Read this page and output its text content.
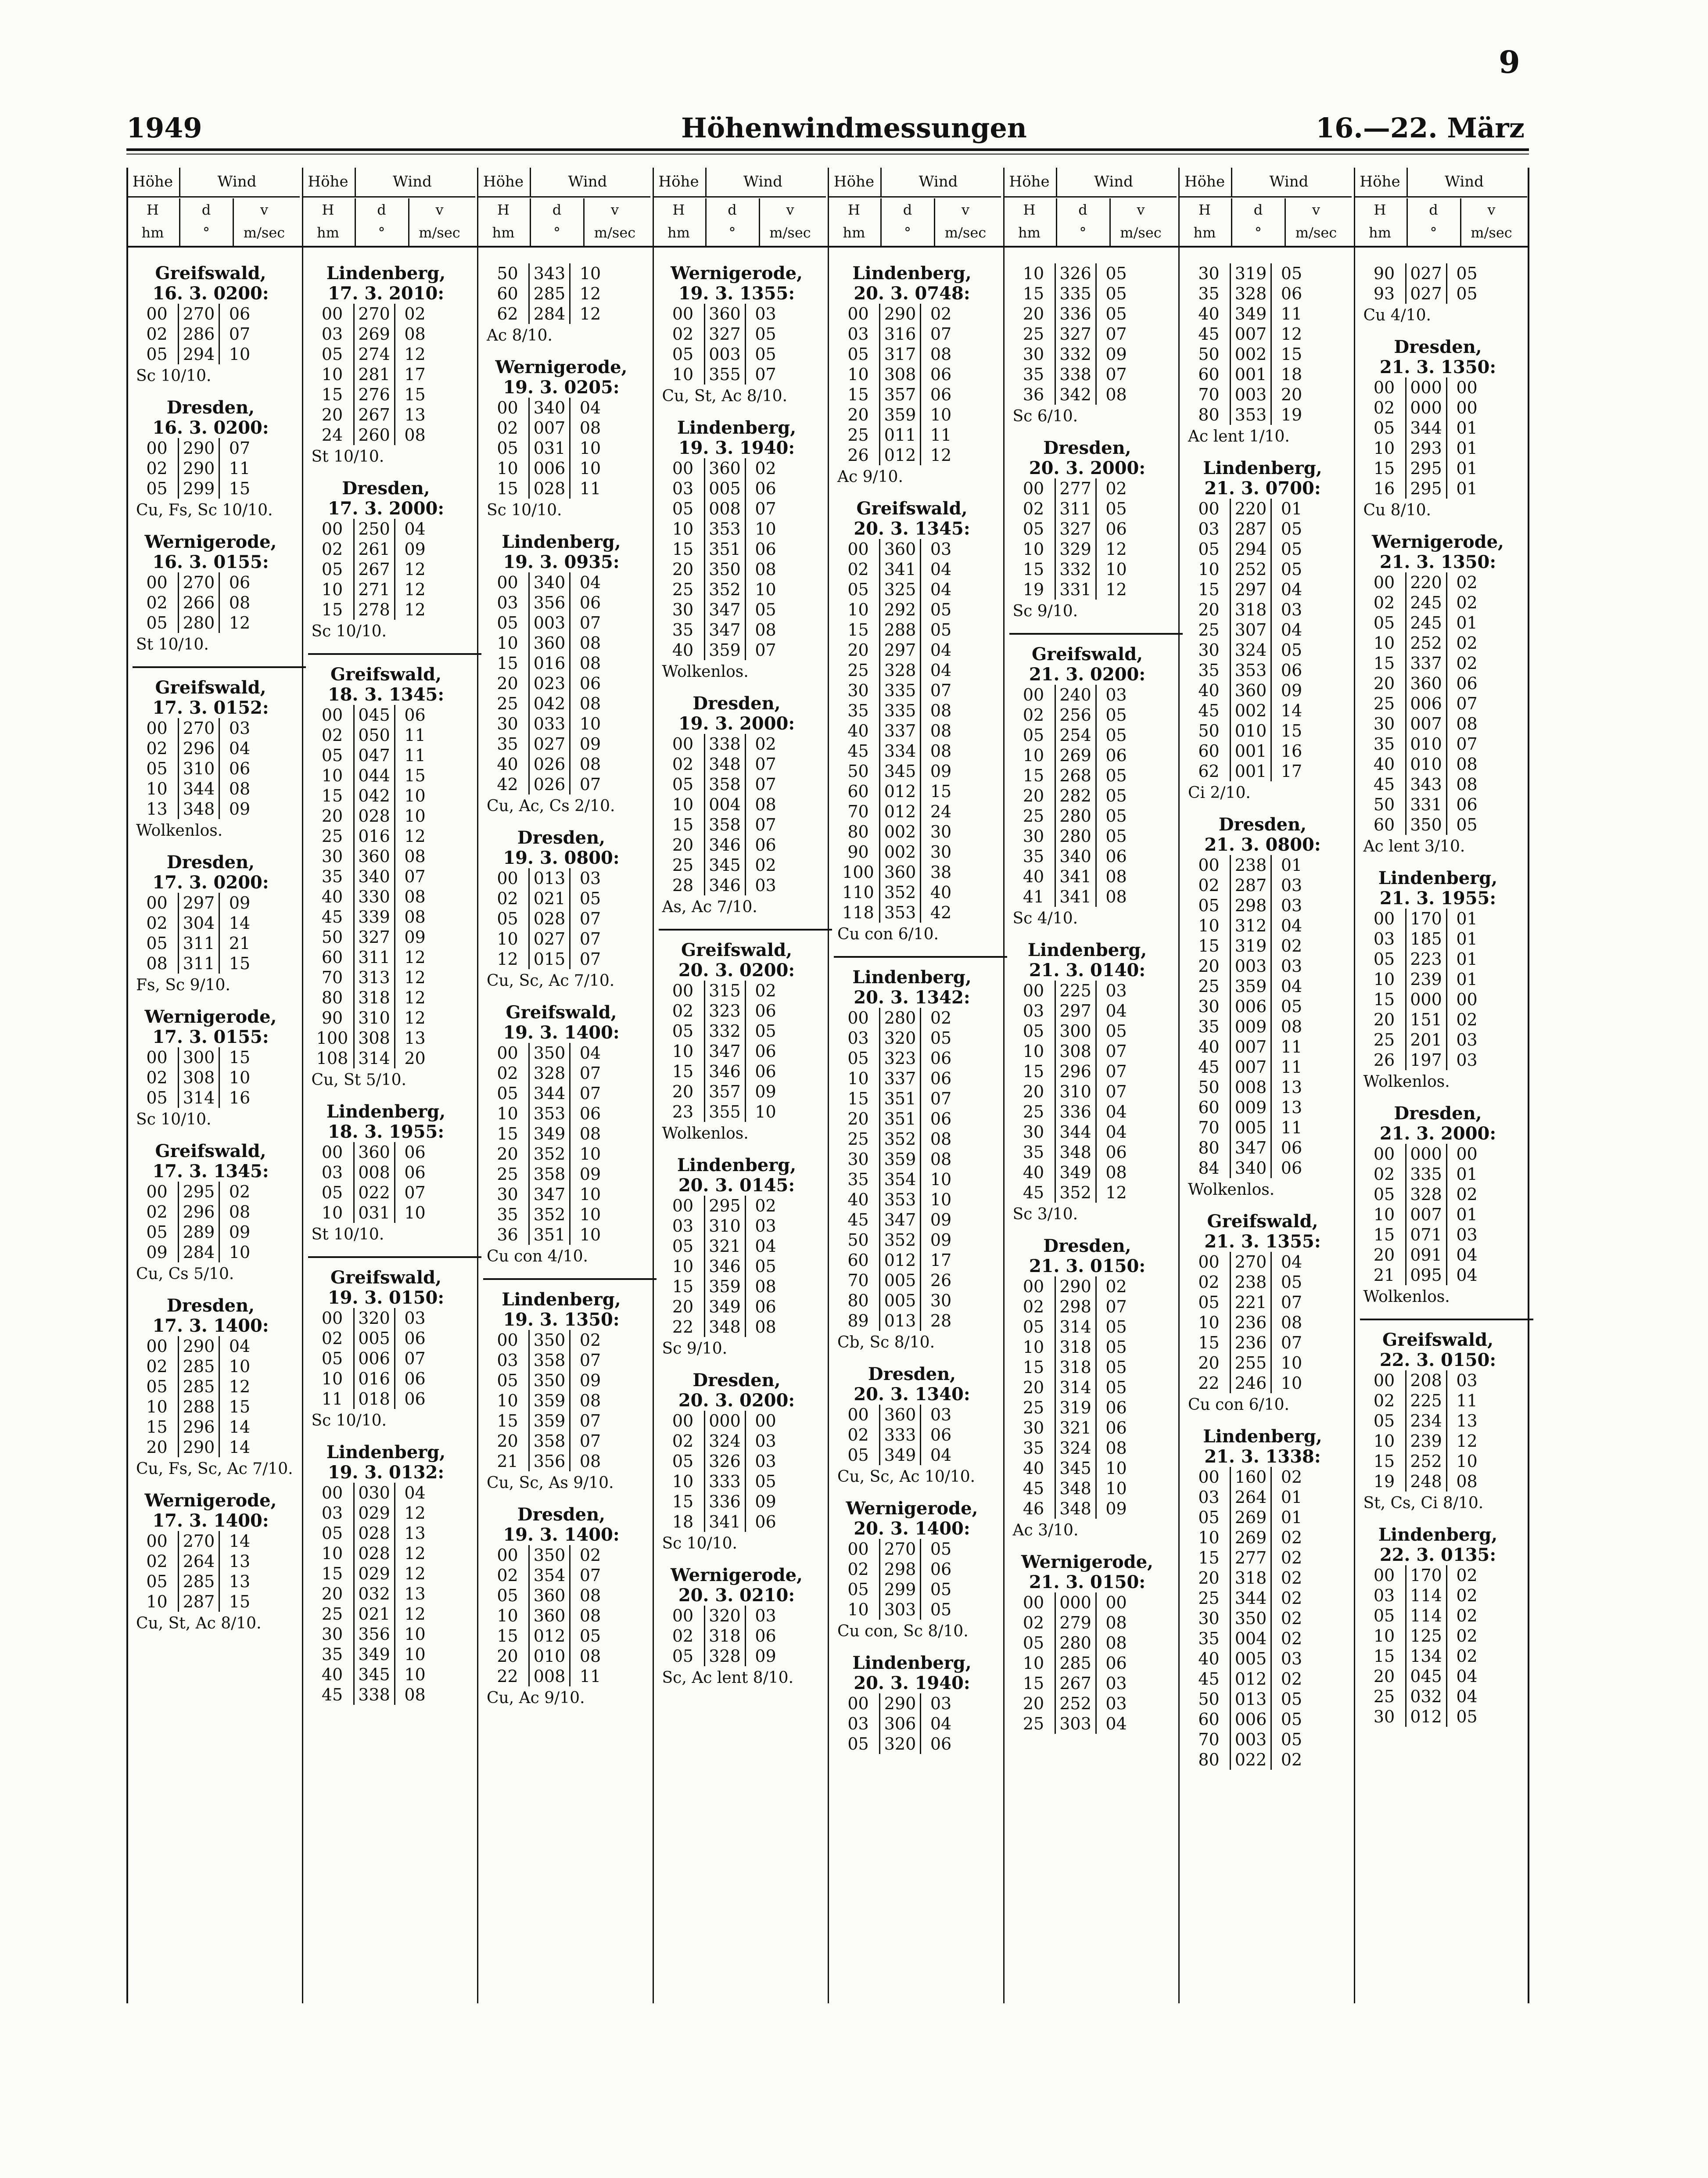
9
1949	Höhenwindmessungen	16.—22. März
Höhe	Wind
H
hm
d
°
v
m/sec
Höhe	Wind
H
hm
d
°
v
m/sec
Höhe	Wind
H
hm
d
°
v
m/sec
Höhe	Wind
H
hm
d
°
v
m/sec
Höhe	Wind
H
hm
d
°
v
m/sec
Höhe	Wind
H
hm
d
°
v
m/sec
Höhe	Wind
H
hm
d
°
v
m/sec
Höhe	Wind
H
hm
d
°
v
m/sec
Greifswald,
16. 3. 0200:
00 270 06
02 286 07
05 294 10
Sc 10/10.
Dresden,
16. 3. 0200:
00 290 07
02 290 11
05 299 15
Cu, Fs, Sc 10/10.
Wernigerode,
16. 3. 0155:
00 270 06
02 266 08
05 280 12
St 10/10.
Greifswald,
17. 3. 0152:
00 270 03
02 296 04
05 310 06
10 344 08
13 348 09
Wolkenlos.
Dresden,
17. 3. 0200:
00 297 09
02 304 14
05 311 21
08 311 15
Fs, Sc 9/10.
Wernigerode,
17. 3. 0155:
00 300 15
02 308 10
05 314 16
Sc 10/10.
Greifswald,
17. 3. 1345:
00 295 02
02 296 08
05 289 09
09 284 10
Cu, Cs 5/10.
Dresden,
17. 3. 1400:
00 290 04
02 285 10
05 285 12
10 288 15
15 296 14
20 290 14
Cu, Fs, Sc, Ac 7/10.
Wernigerode,
17. 3. 1400:
00 270 14
02 264 13
05 285 13
10 287 15
Cu, St, Ac 8/10.
Lindenberg,
17. 3. 2010:
00 270 02
03 269 08
05 274 12
10 281 17
15 276 15
20 267 13
24 260 08
St 10/10.
Dresden,
17. 3. 2000:
00 250 04
02 261 09
05 267 12
10 271 12
15 278 12
Sc 10/10.
Greifswald,
18. 3. 1345:
00 045 06
02 050 11
05 047 11
10 044 15
15 042 10
20 028 10
25 016 12
30 360 08
35 340 07
40 330 08
45 339 08
50 327 09
60 311 12
70 313 12
80 318 12
90 310 12
100 308 13
108 314 20
Cu, St 5/10.
Lindenberg,
18. 3. 1955:
00 360 06
03 008 06
05 022 07
10 031 10
St 10/10.
Greifswald,
19. 3. 0150:
00 320 03
02 005 06
05 006 07
10 016 06
11 018 06
Sc 10/10.
Lindenberg,
19. 3. 0132:
00 030 04
03 029 12
05 028 13
10 028 12
15 029 12
20 032 13
25 021 12
30 356 10
35 349 10
40 345 10
45 338 08
50 343 10
60 285 12
62 284 12
Ac 8/10.
Wernigerode,
19. 3. 0205:
00 340 04
02 007 08
05 031 10
10 006 10
15 028 11
Sc 10/10.
Lindenberg,
19. 3. 0935:
00 340 04
03 356 06
05 003 07
10 360 08
15 016 08
20 023 06
25 042 08
30 033 10
35 027 09
40 026 08
42 026 07
Cu, Ac, Cs 2/10.
Dresden,
19. 3. 0800:
00 013 03
02 021 05
05 028 07
10 027 07
12 015 07
Cu, Sc, Ac 7/10.
Greifswald,
19. 3. 1400:
00 350 04
02 328 07
05 344 07
10 353 06
15 349 08
20 352 10
25 358 09
30 347 10
35 352 10
36 351 10
Cu con 4/10.
Lindenberg,
19. 3. 1350:
00 350 02
03 358 07
05 350 09
10 359 08
15 359 07
20 358 07
21 356 08
Cu, Sc, As 9/10.
Dresden,
19. 3. 1400:
00 350 02
02 354 07
05 360 08
10 360 08
15 012 05
20 010 08
22 008 11
Cu, Ac 9/10.
Wernigerode,
19. 3. 1355:
00 360 03
02 327 05
05 003 05
10 355 07
Cu, St, Ac 8/10.
Lindenberg,
19. 3. 1940:
00 360 02
03 005 06
05 008 07
10 353 10
15 351 06
20 350 08
25 352 10
30 347 05
35 347 08
40 359 07
Wolkenlos.
Dresden,
19. 3. 2000:
00 338 02
02 348 07
05 358 07
10 004 08
15 358 07
20 346 06
25 345 02
28 346 03
As, Ac 7/10.
Greifswald,
20. 3. 0200:
00 315 02
02 323 06
05 332 05
10 347 06
15 346 06
20 357 09
23 355 10
Wolkenlos.
Lindenberg,
20. 3. 0145:
00 295 02
03 310 03
05 321 04
10 346 05
15 359 08
20 349 06
22 348 08
Sc 9/10.
Dresden,
20. 3. 0200:
00 000 00
02 324 03
05 326 03
10 333 05
15 336 09
18 341 06
Sc 10/10.
Wernigerode,
20. 3. 0210:
00 320 03
02 318 06
05 328 09
Sc, Ac lent 8/10.
Lindenberg,
20. 3. 0748:
00 290 02
03 316 07
05 317 08
10 308 06
15 357 06
20 359 10
25 011 11
26 012 12
Ac 9/10.
Greifswald,
20. 3. 1345:
00 360 03
02 341 04
05 325 04
10 292 05
15 288 05
20 297 04
25 328 04
30 335 07
35 335 08
40 337 08
45 334 08
50 345 09
60 012 15
70 012 24
80 002 30
90 002 30
100 360 38
110 352 40
118 353 42
Cu con 6/10.
Lindenberg,
20. 3. 1342:
00 280 02
03 320 05
05 323 06
10 337 06
15 351 07
20 351 06
25 352 08
30 359 08
35 354 10
40 353 10
45 347 09
50 352 09
60 012 17
70 005 26
80 005 30
89 013 28
Cb, Sc 8/10.
Dresden,
20. 3. 1340:
00 360 03
02 333 06
05 349 04
Cu, Sc, Ac 10/10.
Wernigerode,
20. 3. 1400:
00 270 05
02 298 06
05 299 05
10 303 05
Cu con, Sc 8/10.
Lindenberg,
20. 3. 1940:
00 290 03
03 306 04
05 320 06
10 326 05
15 335 05
20 336 05
25 327 07
30 332 09
35 338 07
36 342 08
Sc 6/10.
Dresden,
20. 3. 2000:
00 277 02
02 311 05
05 327 06
10 329 12
15 332 10
19 331 12
Sc 9/10.
Greifswald,
21. 3. 0200:
00 240 03
02 256 05
05 254 05
10 269 06
15 268 05
20 282 05
25 280 05
30 280 05
35 340 06
40 341 08
41 341 08
Sc 4/10.
Lindenberg,
21. 3. 0140:
00 225 03
03 297 04
05 300 05
10 308 07
15 296 07
20 310 07
25 336 04
30 344 04
35 348 06
40 349 08
45 352 12
Sc 3/10.
Dresden,
21. 3. 0150:
00 290 02
02 298 07
05 314 05
10 318 05
15 318 05
20 314 05
25 319 06
30 321 06
35 324 08
40 345 10
45 348 10
46 348 09
Ac 3/10.
Wernigerode,
21. 3. 0150:
00 000 00
02 279 08
05 280 08
10 285 06
15 267 03
20 252 03
25 303 04
30 319 05
35 328 06
40 349 11
45 007 12
50 002 15
60 001 18
70 003 20
80 353 19
Ac lent 1/10.
Lindenberg,
21. 3. 0700:
00 220 01
03 287 05
05 294 05
10 252 05
15 297 04
20 318 03
25 307 04
30 324 05
35 353 06
40 360 09
45 002 14
50 010 15
60 001 16
62 001 17
Ci 2/10.
Dresden,
21. 3. 0800:
00 238 01
02 287 03
05 298 03
10 312 04
15 319 02
20 003 03
25 359 04
30 006 05
35 009 08
40 007 11
45 007 11
50 008 13
60 009 13
70 005 11
80 347 06
84 340 06
Wolkenlos.
Greifswald,
21. 3. 1355:
00 270 04
02 238 05
05 221 07
10 236 08
15 236 07
20 255 10
22 246 10
Cu con 6/10.
Lindenberg,
21. 3. 1338:
00 160 02
03 264 01
05 269 01
10 269 02
15 277 02
20 318 02
25 344 02
30 350 02
35 004 02
40 005 03
45 012 02
50 013 05
60 006 05
70 003 05
80 022 02
90 027 05
93 027 05
Cu 4/10.
Dresden,
21. 3. 1350:
00 000 00
02 000 00
05 344 01
10 293 01
15 295 01
16 295 01
Cu 8/10.
Wernigerode,
21. 3. 1350:
00 220 02
02 245 02
05 245 01
10 252 02
15 337 02
20 360 06
25 006 07
30 007 08
35 010 07
40 010 08
45 343 08
50 331 06
60 350 05
Ac lent 3/10.
Lindenberg,
21. 3. 1955:
00 170 01
03 185 01
05 223 01
10 239 01
15 000 00
20 151 02
25 201 03
26 197 03
Wolkenlos.
Dresden,
21. 3. 2000:
00 000 00
02 335 01
05 328 02
10 007 01
15 071 03
20 091 04
21 095 04
Wolkenlos.
Greifswald,
22. 3. 0150:
00 208 03
02 225 11
05 234 13
10 239 12
15 252 10
19 248 08
St, Cs, Ci 8/10.
Lindenberg,
22. 3. 0135:
00 170 02
03 114 02
05 114 02
10 125 02
15 134 02
20 045 04
25 032 04
30 012 05
